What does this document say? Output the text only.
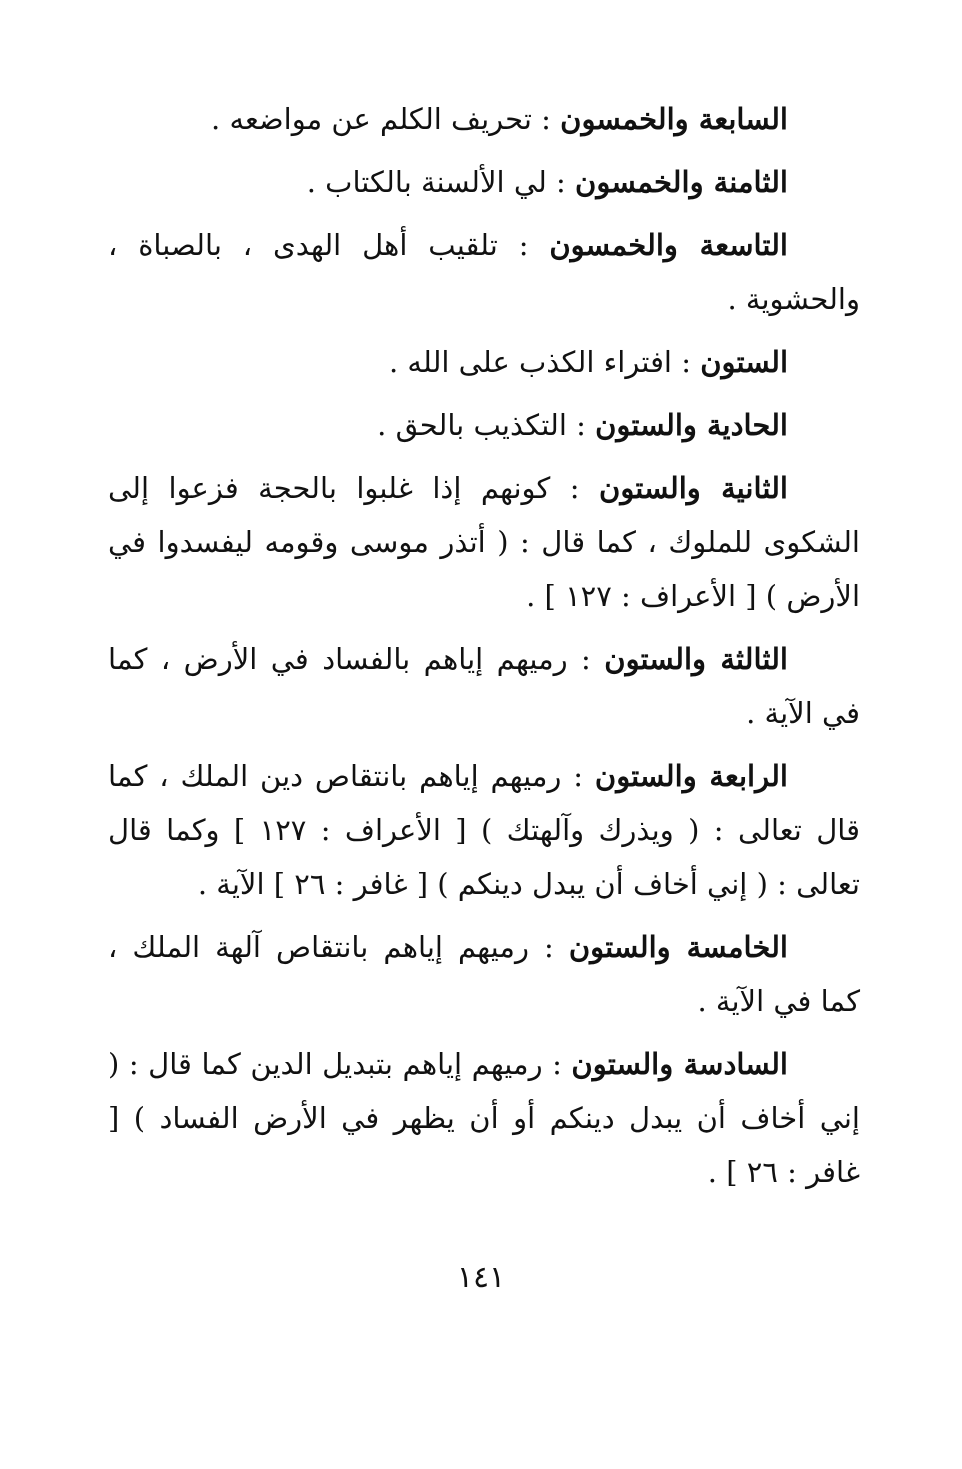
السابعة والخمسون : تحريف الكلم عن مواضعه .

الثامنة والخمسون : لي الألسنة بالكتاب .

التاسعة والخمسون : تلقيب أهل الهدى ، بالصباة ، والحشوية .

الستون : افتراء الكذب على الله .

الحادية والستون : التكذيب بالحق .

الثانية والستون : كونهم إذا غلبوا بالحجة فزعوا إلى الشكوى للملوك ، كما قال : ( أتذر موسى وقومه ليفسدوا في الأرض ) [ الأعراف : ١٢٧ ] .

الثالثة والستون : رميهم إياهم بالفساد في الأرض ، كما في الآية .

الرابعة والستون : رميهم إياهم بانتقاص دين الملك ، كما قال تعالى : ( ويذرك وآلهتك ) [ الأعراف : ١٢٧ ] وكما قال تعالى : ( إني أخاف أن يبدل دينكم ) [ غافر : ٢٦ ] الآية .

الخامسة والستون : رميهم إياهم بانتقاص آلهة الملك ، كما في الآية .

السادسة والستون : رميهم إياهم بتبديل الدين كما قال : ( إني أخاف أن يبدل دينكم أو أن يظهر في الأرض الفساد ) [ غافر : ٢٦ ] .

١٤١
